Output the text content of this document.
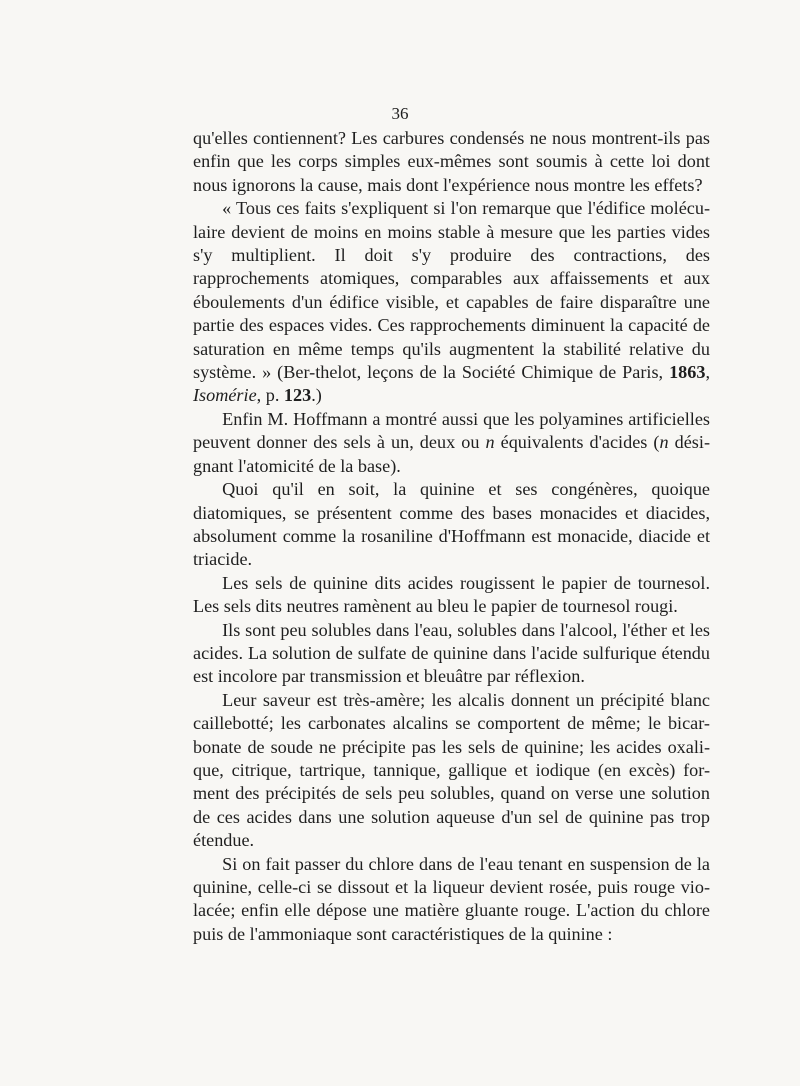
36

qu'elles contiennent? Les carbures condensés ne nous montrent-ils pas enfin que les corps simples eux-mêmes sont soumis à cette loi dont nous ignorons la cause, mais dont l'expérience nous montre les effets?

« Tous ces faits s'expliquent si l'on remarque que l'édifice molécu-laire devient de moins en moins stable à mesure que les parties vides s'y multiplient. Il doit s'y produire des contractions, des rapprochements atomiques, comparables aux affaissements et aux éboulements d'un édifice visible, et capables de faire disparaître une partie des espaces vides. Ces rapprochements diminuent la capacité de saturation en même temps qu'ils augmentent la stabilité relative du système. » (Ber-thelot, leçons de la Société Chimique de Paris, 1863, Isomérie, p. 123.)

Enfin M. Hoffmann a montré aussi que les polyamines artificielles peuvent donner des sels à un, deux ou n équivalents d'acides (n dési-gnant l'atomicité de la base).

Quoi qu'il en soit, la quinine et ses congénères, quoique diatomiques, se présentent comme des bases monacides et diacides, absolument comme la rosaniline d'Hoffmann est monacide, diacide et triacide.

Les sels de quinine dits acides rougissent le papier de tournesol. Les sels dits neutres ramènent au bleu le papier de tournesol rougi.

Ils sont peu solubles dans l'eau, solubles dans l'alcool, l'éther et les acides. La solution de sulfate de quinine dans l'acide sulfurique étendu est incolore par transmission et bleuâtre par réflexion.

Leur saveur est très-amère; les alcalis donnent un précipité blanc caillebotté; les carbonates alcalins se comportent de même; le bicar-bonate de soude ne précipite pas les sels de quinine; les acides oxali-que, citrique, tartrique, tannique, gallique et iodique (en excès) for-ment des précipités de sels peu solubles, quand on verse une solution de ces acides dans une solution aqueuse d'un sel de quinine pas trop étendue.

Si on fait passer du chlore dans de l'eau tenant en suspension de la quinine, celle-ci se dissout et la liqueur devient rosée, puis rouge vio-lacée; enfin elle dépose une matière gluante rouge. L'action du chlore puis de l'ammoniaque sont caractéristiques de la quinine :
